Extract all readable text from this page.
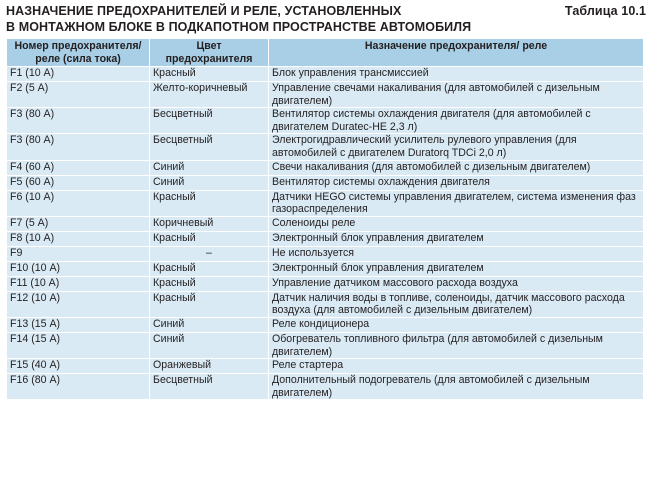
НАЗНАЧЕНИЕ ПРЕДОХРАНИТЕЛЕЙ И РЕЛЕ, УСТАНОВЛЕННЫХ	Таблица 10.1
В МОНТАЖНОМ БЛОКЕ В ПОДКАПОТНОМ ПРОСТРАНСТВЕ АВТОМОБИЛЯ
Номер предохранителя/ реле (сила тока)	Цвет предохранителя	Назначение предохранителя/ реле
F1 (10 А)	Красный	Блок управления трансмиссией
F2 (5 А)	Желто-коричневый	Управление свечами накаливания (для автомобилей с дизельным двигателем)
F3 (80 А)	Бесцветный	Вентилятор системы охлаждения двигателя (для автомобилей с двигателем Duratec-HE 2,3 л)
F3 (80 А)	Бесцветный	Электрогидравлический усилитель рулевого управления (для автомобилей с двигателем Duratorq TDCi 2,0 л)
F4 (60 А)	Синий	Свечи накаливания (для автомобилей с дизельным двигателем)
F5 (60 А)	Синий	Вентилятор системы охлаждения двигателя
F6 (10 А)	Красный	Датчики HEGO системы управления двигателем, система изменения фаз газораспределения
F7 (5 А)	Коричневый	Соленоиды реле
F8 (10 А)	Красный	Электронный блок управления двигателем
F9	–	Не используется
F10 (10 А)	Красный	Электронный блок управления двигателем
F11 (10 А)	Красный	Управление датчиком массового расхода воздуха
F12 (10 А)	Красный	Датчик наличия воды в топливе, соленоиды, датчик массового расхода воздуха (для автомобилей с дизельным двигателем)
F13 (15 А)	Синий	Реле кондиционера
F14 (15 А)	Синий	Обогреватель топливного фильтра (для автомобилей с дизельным двигателем)
F15 (40 А)	Оранжевый	Реле стартера
F16 (80 А)	Бесцветный	Дополнительный подогреватель (для автомобилей с дизельным двигателем)
